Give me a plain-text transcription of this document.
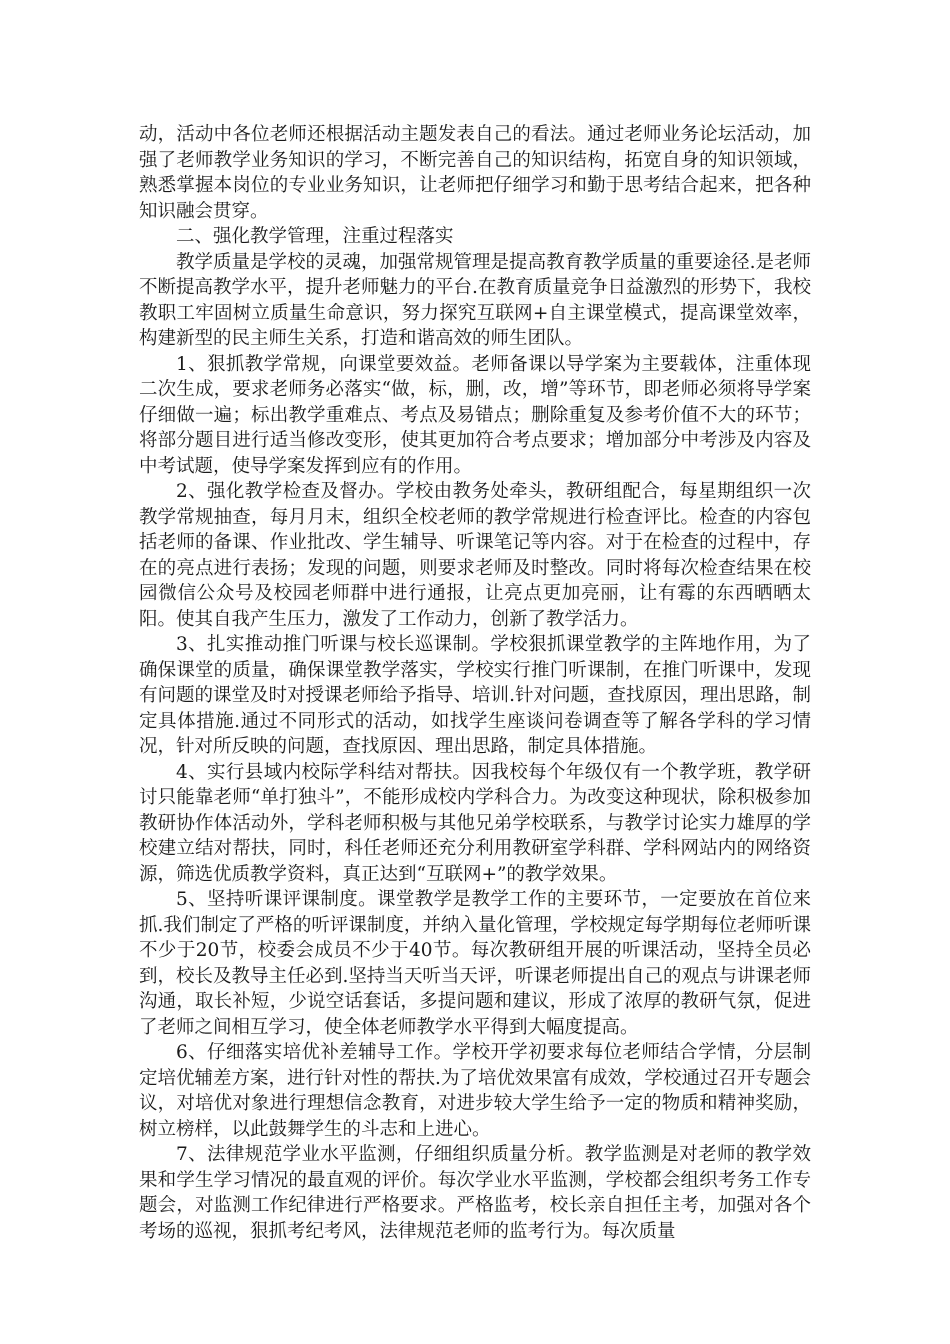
动，活动中各位老师还根据活动主题发表自己的看法。通过老师业务论坛活动，加强了老师教学业务知识的学习，不断完善自己的知识结构，拓宽自身的知识领域，熟悉掌握本岗位的专业业务知识，让老师把仔细学习和勤于思考结合起来，把各种知识融会贯穿。

二、强化教学管理，注重过程落实

教学质量是学校的灵魂，加强常规管理是提高教育教学质量的重要途径.是老师不断提高教学水平，提升老师魅力的平台.在教育质量竞争日益激烈的形势下，我校教职工牢固树立质量生命意识，努力探究互联网+自主课堂模式，提高课堂效率，构建新型的民主师生关系，打造和谐高效的师生团队。

1、狠抓教学常规，向课堂要效益。老师备课以导学案为主要载体，注重体现二次生成，要求老师务必落实“做，标，删，改，增”等环节，即老师必须将导学案仔细做一遍；标出教学重难点、考点及易错点；删除重复及参考价值不大的环节；将部分题目进行适当修改变形，使其更加符合考点要求；增加部分中考涉及内容及中考试题，使导学案发挥到应有的作用。

2、强化教学检查及督办。学校由教务处牵头，教研组配合，每星期组织一次教学常规抽查，每月月末，组织全校老师的教学常规进行检查评比。检查的内容包括老师的备课、作业批改、学生辅导、听课笔记等内容。对于在检查的过程中，存在的亮点进行表扬；发现的问题，则要求老师及时整改。同时将每次检查结果在校园微信公众号及校园老师群中进行通报，让亮点更加亮丽，让有霉的东西晒晒太阳。使其自我产生压力，激发了工作动力，创新了教学活力。

3、扎实推动推门听课与校长巡课制。学校狠抓课堂教学的主阵地作用，为了确保课堂的质量，确保课堂教学落实，学校实行推门听课制，在推门听课中，发现有问题的课堂及时对授课老师给予指导、培训.针对问题，查找原因，理出思路，制定具体措施.通过不同形式的活动，如找学生座谈问卷调查等了解各学科的学习情况，针对所反映的问题，查找原因、理出思路，制定具体措施。

4、实行县域内校际学科结对帮扶。因我校每个年级仅有一个教学班，教学研讨只能靠老师“单打独斗”，不能形成校内学科合力。为改变这种现状，除积极参加教研协作体活动外，学科老师积极与其他兄弟学校联系，与教学讨论实力雄厚的学校建立结对帮扶，同时，科任老师还充分利用教研室学科群、学科网站内的网络资源，筛选优质教学资料，真正达到“互联网+”的教学效果。

5、坚持听课评课制度。课堂教学是教学工作的主要环节，一定要放在首位来抓.我们制定了严格的听评课制度，并纳入量化管理，学校规定每学期每位老师听课不少于20节，校委会成员不少于40节。每次教研组开展的听课活动，坚持全员必到，校长及教导主任必到.坚持当天听当天评，听课老师提出自己的观点与讲课老师沟通，取长补短，少说空话套话，多提问题和建议，形成了浓厚的教研气氛，促进了老师之间相互学习，使全体老师教学水平得到大幅度提高。

6、仔细落实培优补差辅导工作。学校开学初要求每位老师结合学情，分层制定培优辅差方案，进行针对性的帮扶.为了培优效果富有成效，学校通过召开专题会议，对培优对象进行理想信念教育，对进步较大学生给予一定的物质和精神奖励，树立榜样，以此鼓舞学生的斗志和上进心。

7、法律规范学业水平监测，仔细组织质量分析。教学监测是对老师的教学效果和学生学习情况的最直观的评价。每次学业水平监测，学校都会组织考务工作专题会，对监测工作纪律进行严格要求。严格监考，校长亲自担任主考，加强对各个考场的巡视，狠抓考纪考风，法律规范老师的监考行为。每次质量
